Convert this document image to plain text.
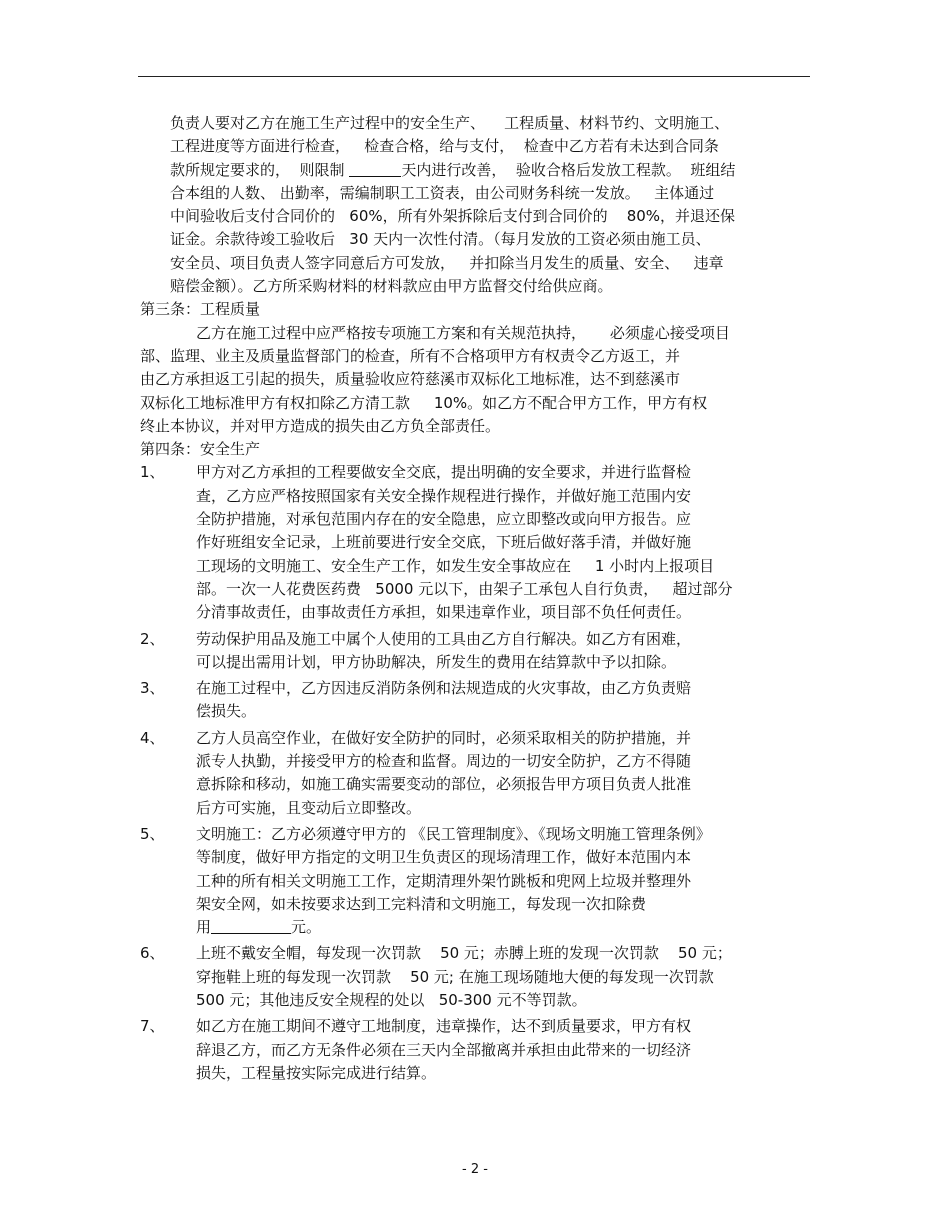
负责人要对乙方在施工生产过程中的安全生产、    工程质量、材料节约、文明施工、
工程进度等方面进行检查，   检查合格，给与支付，  检查中乙方若有未达到合同条
款所规定要求的，  则限制	天内进行改善，  验收合格后发放工程款。  班组结
合本组的人数、 出勤率，需编制职工工资表，由公司财务科统一发放。   主体通过
中间验收后支付合同价的   60%，所有外架拆除后支付到合同价的    80%，并退还保
证金。余款待竣工验收后   30 天内一次性付清。（每月发放的工资必须由施工员、
安全员、项目负责人签字同意后方可发放，   并扣除当月发生的质量、安全、   违章
赔偿金额）。乙方所采购材料的材料款应由甲方监督交付给供应商。
第三条：工程质量
乙方在施工过程中应严格按专项施工方案和有关规范执持，     必须虚心接受项目
部、监理、业主及质量监督部门的检查，所有不合格项甲方有权责令乙方返工，并
由乙方承担返工引起的损失，质量验收应符慈溪市双标化工地标准，达不到慈溪市
双标化工地标准甲方有权扣除乙方清工款     10%。如乙方不配合甲方工作，甲方有权
终止本协议，并对甲方造成的损失由乙方负全部责任。
第四条：安全生产
1、 甲方对乙方承担的工程要做安全交底，提出明确的安全要求，并进行监督检
查，乙方应严格按照国家有关安全操作规程进行操作，并做好施工范围内安
全防护措施，对承包范围内存在的安全隐患，应立即整改或向甲方报告。应
作好班组安全记录，上班前要进行安全交底，下班后做好落手清，并做好施
工现场的文明施工、安全生产工作，如发生安全事故应在     1 小时内上报项目
部。一次一人花费医药费   5000 元以下，由架子工承包人自行负责，   超过部分
分清事故责任，由事故责任方承担，如果违章作业，项目部不负任何责任。
2、 劳动保护用品及施工中属个人使用的工具由乙方自行解决。如乙方有困难，
可以提出需用计划，甲方协助解决，所发生的费用在结算款中予以扣除。
3、 在施工过程中，乙方因违反消防条例和法规造成的火灾事故，由乙方负责赔
偿损失。
4、 乙方人员高空作业，在做好安全防护的同时，必须采取相关的防护措施，并
派专人执勤，并接受甲方的检查和监督。周边的一切安全防护，乙方不得随
意拆除和移动，如施工确实需要变动的部位，必须报告甲方项目负责人批准
后方可实施，且变动后立即整改。
5、 文明施工：乙方必须遵守甲方的 《民工管理制度》、《现场文明施工管理条例》
等制度，做好甲方指定的文明卫生负责区的现场清理工作，做好本范围内本
工种的所有相关文明施工工作，定期清理外架竹跳板和兜网上垃圾并整理外
架安全网，如未按要求达到工完料清和文明施工，每发现一次扣除费
用	元。
6、 上班不戴安全帽，每发现一次罚款    50 元；赤膊上班的发现一次罚款    50 元；
穿拖鞋上班的每发现一次罚款    50 元; 在施工现场随地大便的每发现一次罚款
500 元；其他违反安全规程的处以   50-300 元不等罚款。
7、 如乙方在施工期间不遵守工地制度，违章操作，达不到质量要求，甲方有权
辞退乙方，而乙方无条件必须在三天内全部撤离并承担由此带来的一切经济
损失，工程量按实际完成进行结算。
- 2 -
